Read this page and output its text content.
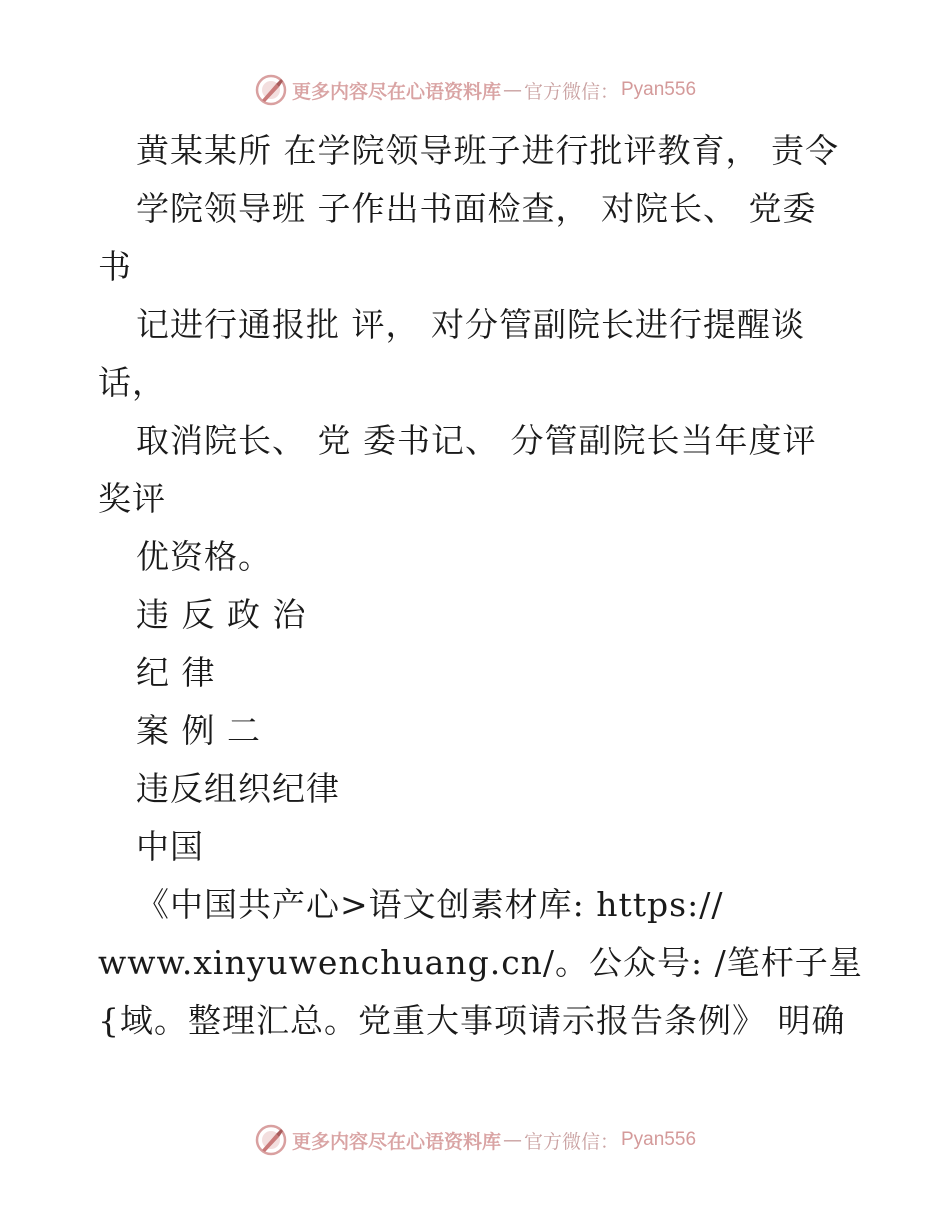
更多内容尽在心语资料库 — 官方微信： Pyan556
黄某某所 在学院领导班子进行批评教育， 责令
学院领导班 子作出书面检查， 对院长、 党委
书
记进行通报批 评， 对分管副院长进行提醒谈
话，
取消院长、 党 委书记、 分管副院长当年度评
奖评
优资格。
违 反 政 治
纪 律
案 例 二
违反组织纪律
中国
《中国共产心>语文创素材库: https://
www.xinyuwenchuang.cn/。公众号: /笔杆子星
{域。整理汇总。党重大事项请示报告条例》 明确
更多内容尽在心语资料库 — 官方微信： Pyan556
